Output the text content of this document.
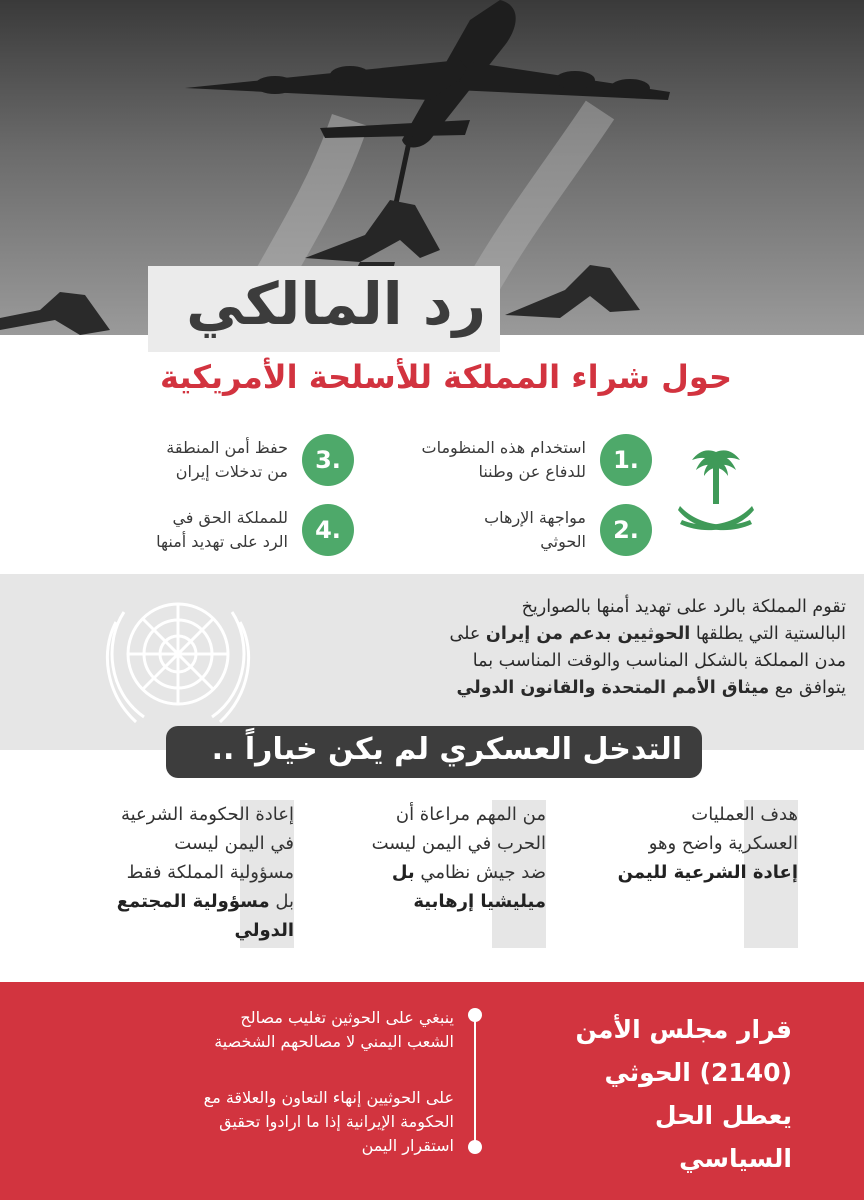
رد المالكي
حول شراء المملكة للأسلحة الأمريكية
1.
استخدام هذه المنظومات
للدفاع عن وطننا
2.
مواجهة الإرهاب
الحوثي
3.
حفظ أمن المنطقة
من تدخلات إيران
4.
للمملكة الحق في
الرد على تهديد أمنها
تقوم المملكة بالرد على تهديد أمنها بالصواريخ
البالستية التي يطلقها الحوثيين بدعم من إيران على
مدن المملكة بالشكل المناسب والوقت المناسب بما
يتوافق مع ميثاق الأمم المتحدة والقانون الدولي
التدخل العسكري لم يكن خياراً ..
هدف العمليات
العسكرية واضح وهو
إعادة الشرعية لليمن
من المهم مراعاة أن
الحرب في اليمن ليست
ضد جيش نظامي بل
ميليشيا إرهابية
إعادة الحكومة الشرعية
في اليمن ليست
مسؤولية المملكة فقط
بل مسؤولية المجتمع
الدولي
قرار مجلس الأمن
(2140) الحوثي
يعطل الحل
السياسي
ينبغي على الحوثين تغليب مصالح
الشعب اليمني لا مصالحهم الشخصية
على الحوثيين إنهاء التعاون والعلاقة مع
الحكومة الإيرانية إذا ما ارادوا تحقيق
استقرار اليمن
